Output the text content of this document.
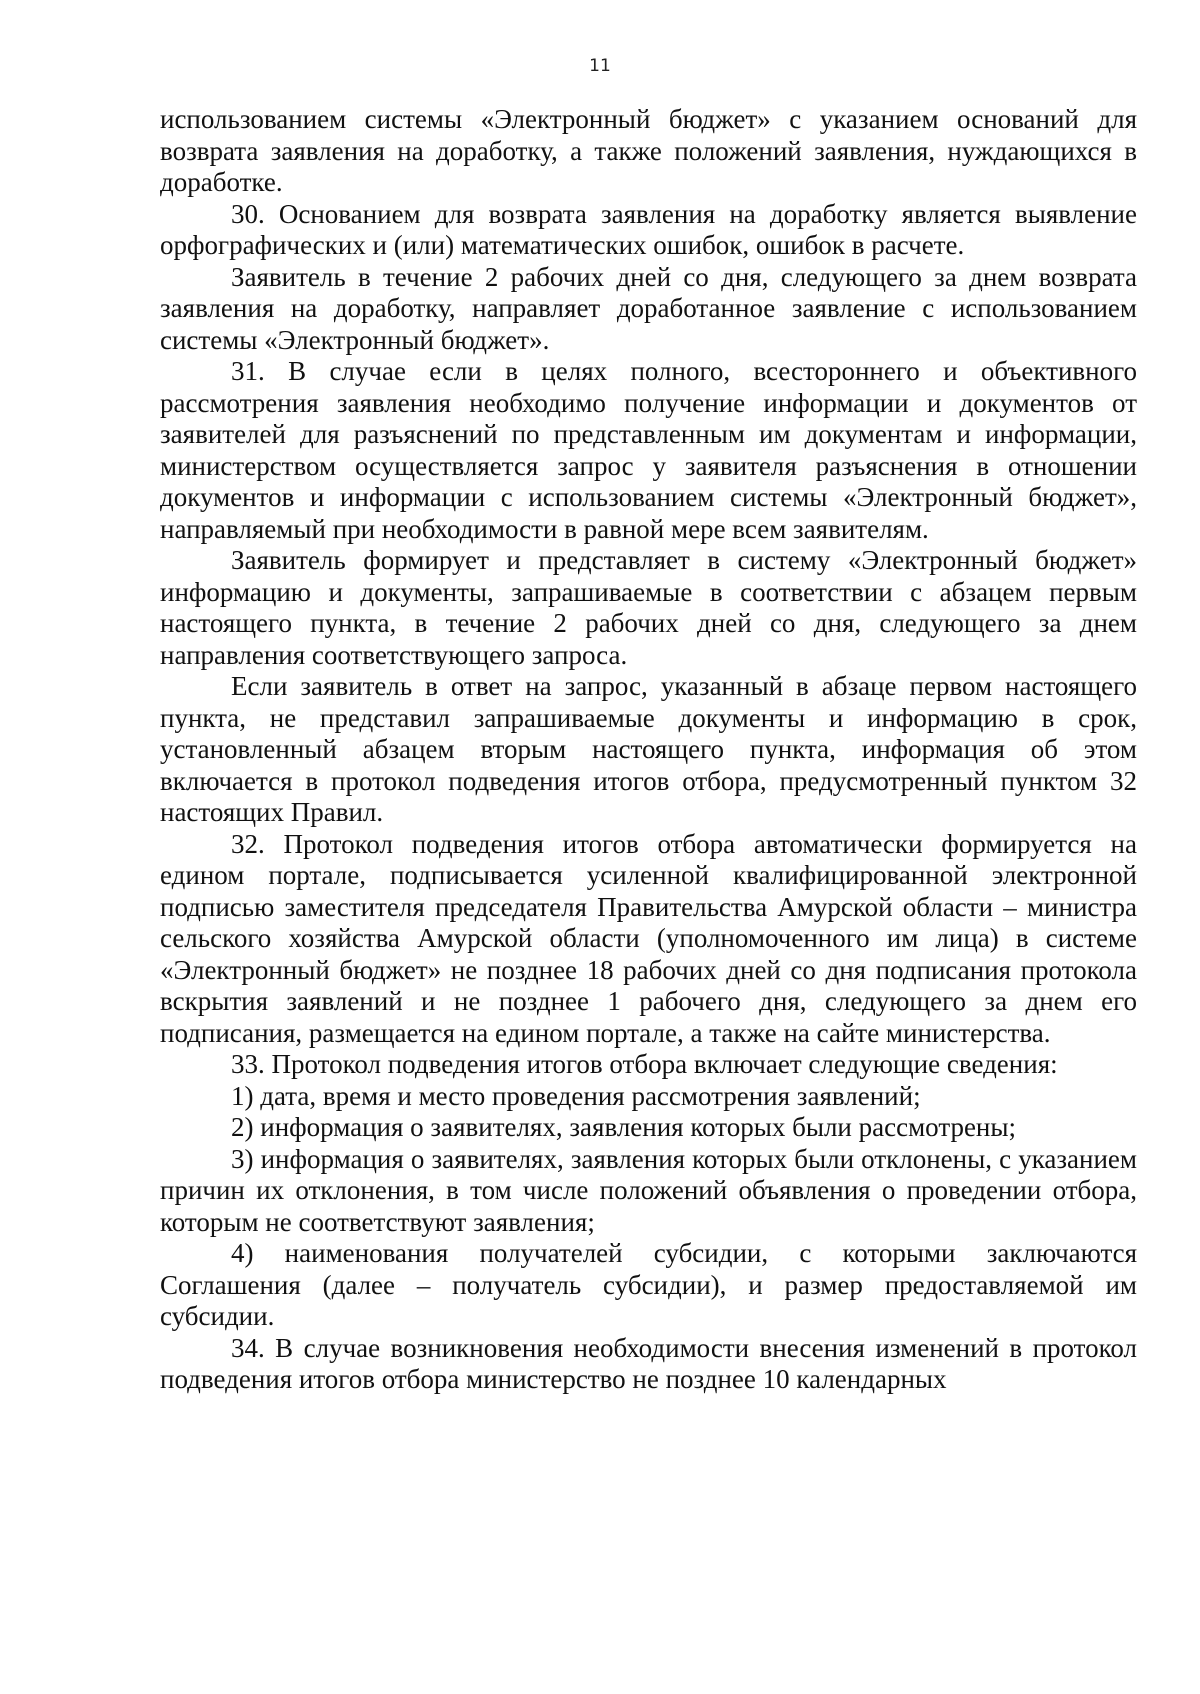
11

использованием системы «Электронный бюджет» с указанием оснований для возврата заявления на доработку, а также положений заявления, нуждающихся в доработке.

30. Основанием для возврата заявления на доработку является выявление орфографических и (или) математических ошибок, ошибок в расчете.

Заявитель в течение 2 рабочих дней со дня, следующего за днем возврата заявления на доработку, направляет доработанное заявление с использованием системы «Электронный бюджет».

31. В случае если в целях полного, всестороннего и объективного рассмотрения заявления необходимо получение информации и документов от заявителей для разъяснений по представленным им документам и информации, министерством осуществляется запрос у заявителя разъяснения в отношении документов и информации с использованием системы «Электронный бюджет», направляемый при необходимости в равной мере всем заявителям.

Заявитель формирует и представляет в систему «Электронный бюджет» информацию и документы, запрашиваемые в соответствии с абзацем первым настоящего пункта, в течение 2 рабочих дней со дня, следующего за днем направления соответствующего запроса.

Если заявитель в ответ на запрос, указанный в абзаце первом настоящего пункта, не представил запрашиваемые документы и информацию в срок, установленный абзацем вторым настоящего пункта, информация об этом включается в протокол подведения итогов отбора, предусмотренный пунктом 32 настоящих Правил.

32. Протокол подведения итогов отбора автоматически формируется на едином портале, подписывается усиленной квалифицированной электронной подписью заместителя председателя Правительства Амурской области – министра сельского хозяйства Амурской области (уполномоченного им лица) в системе «Электронный бюджет» не позднее 18 рабочих дней со дня подписания протокола вскрытия заявлений и не позднее 1 рабочего дня, следующего за днем его подписания, размещается на едином портале, а также на сайте министерства.

33. Протокол подведения итогов отбора включает следующие сведения:

1) дата, время и место проведения рассмотрения заявлений;

2) информация о заявителях, заявления которых были рассмотрены;

3) информация о заявителях, заявления которых были отклонены, с указанием причин их отклонения, в том числе положений объявления о проведении отбора, которым не соответствуют заявления;

4) наименования получателей субсидии, с которыми заключаются Соглашения (далее – получатель субсидии), и размер предоставляемой им субсидии.

34. В случае возникновения необходимости внесения изменений в протокол подведения итогов отбора министерство не позднее 10 календарных
